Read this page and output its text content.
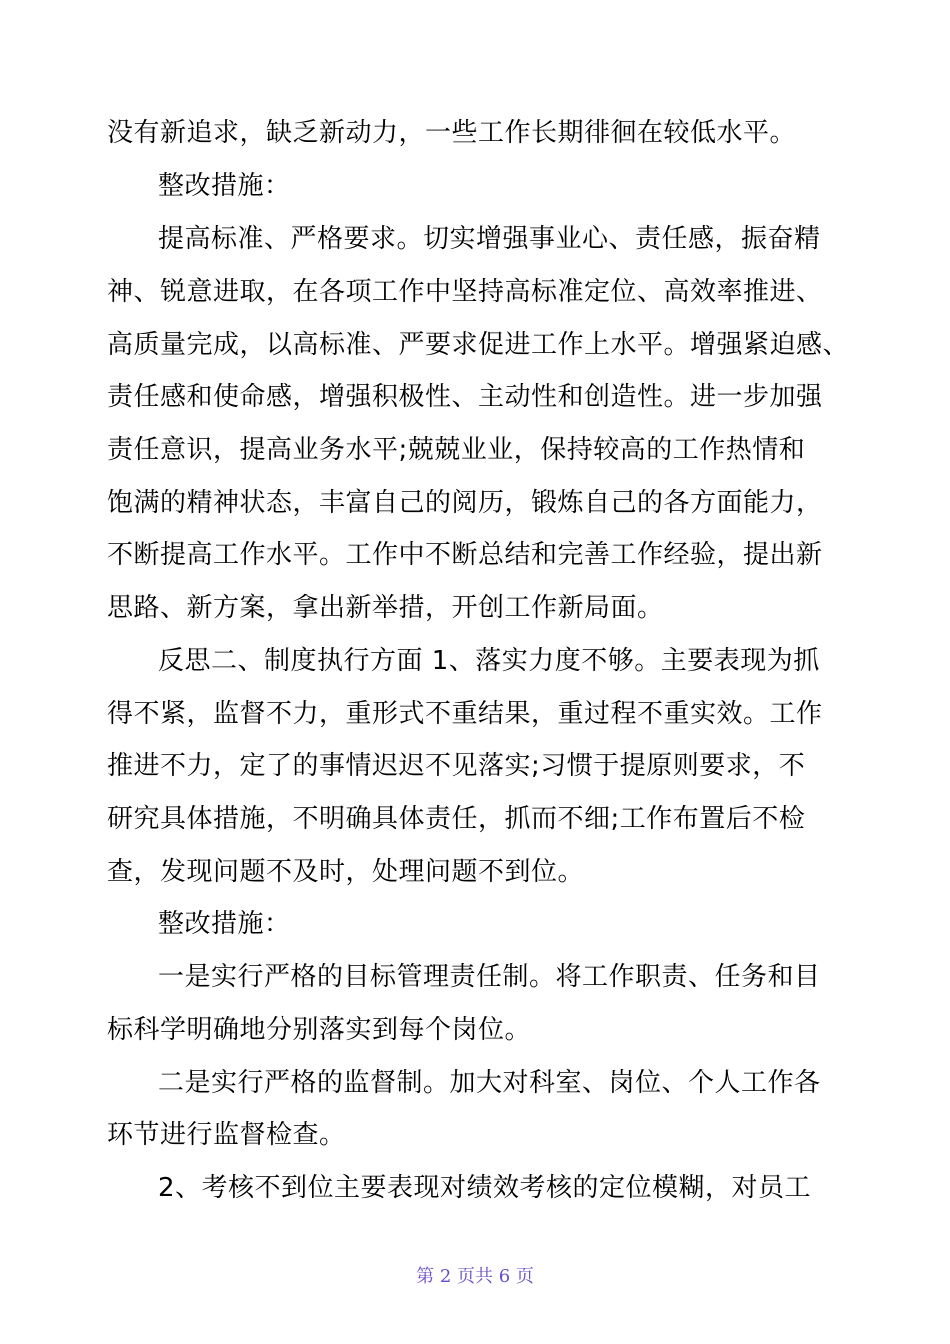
没有新追求，缺乏新动力，一些工作长期徘徊在较低水平。
整改措施：
提高标准、严格要求。切实增强事业心、责任感，振奋精
神、锐意进取，在各项工作中坚持高标准定位、高效率推进、
高质量完成，以高标准、严要求促进工作上水平。增强紧迫感、
责任感和使命感，增强积极性、主动性和创造性。进一步加强
责任意识，提高业务水平;兢兢业业，保持较高的工作热情和
饱满的精神状态，丰富自己的阅历，锻炼自己的各方面能力，
不断提高工作水平。工作中不断总结和完善工作经验，提出新
思路、新方案，拿出新举措，开创工作新局面。
反思二、制度执行方面 1、落实力度不够。主要表现为抓
得不紧，监督不力，重形式不重结果，重过程不重实效。工作
推进不力，定了的事情迟迟不见落实;习惯于提原则要求，不
研究具体措施，不明确具体责任，抓而不细;工作布置后不检
查，发现问题不及时，处理问题不到位。
整改措施：
一是实行严格的目标管理责任制。将工作职责、任务和目
标科学明确地分别落实到每个岗位。
二是实行严格的监督制。加大对科室、岗位、个人工作各
环节进行监督检查。
2、考核不到位主要表现对绩效考核的定位模糊，对员工
第 2 页共 6 页
